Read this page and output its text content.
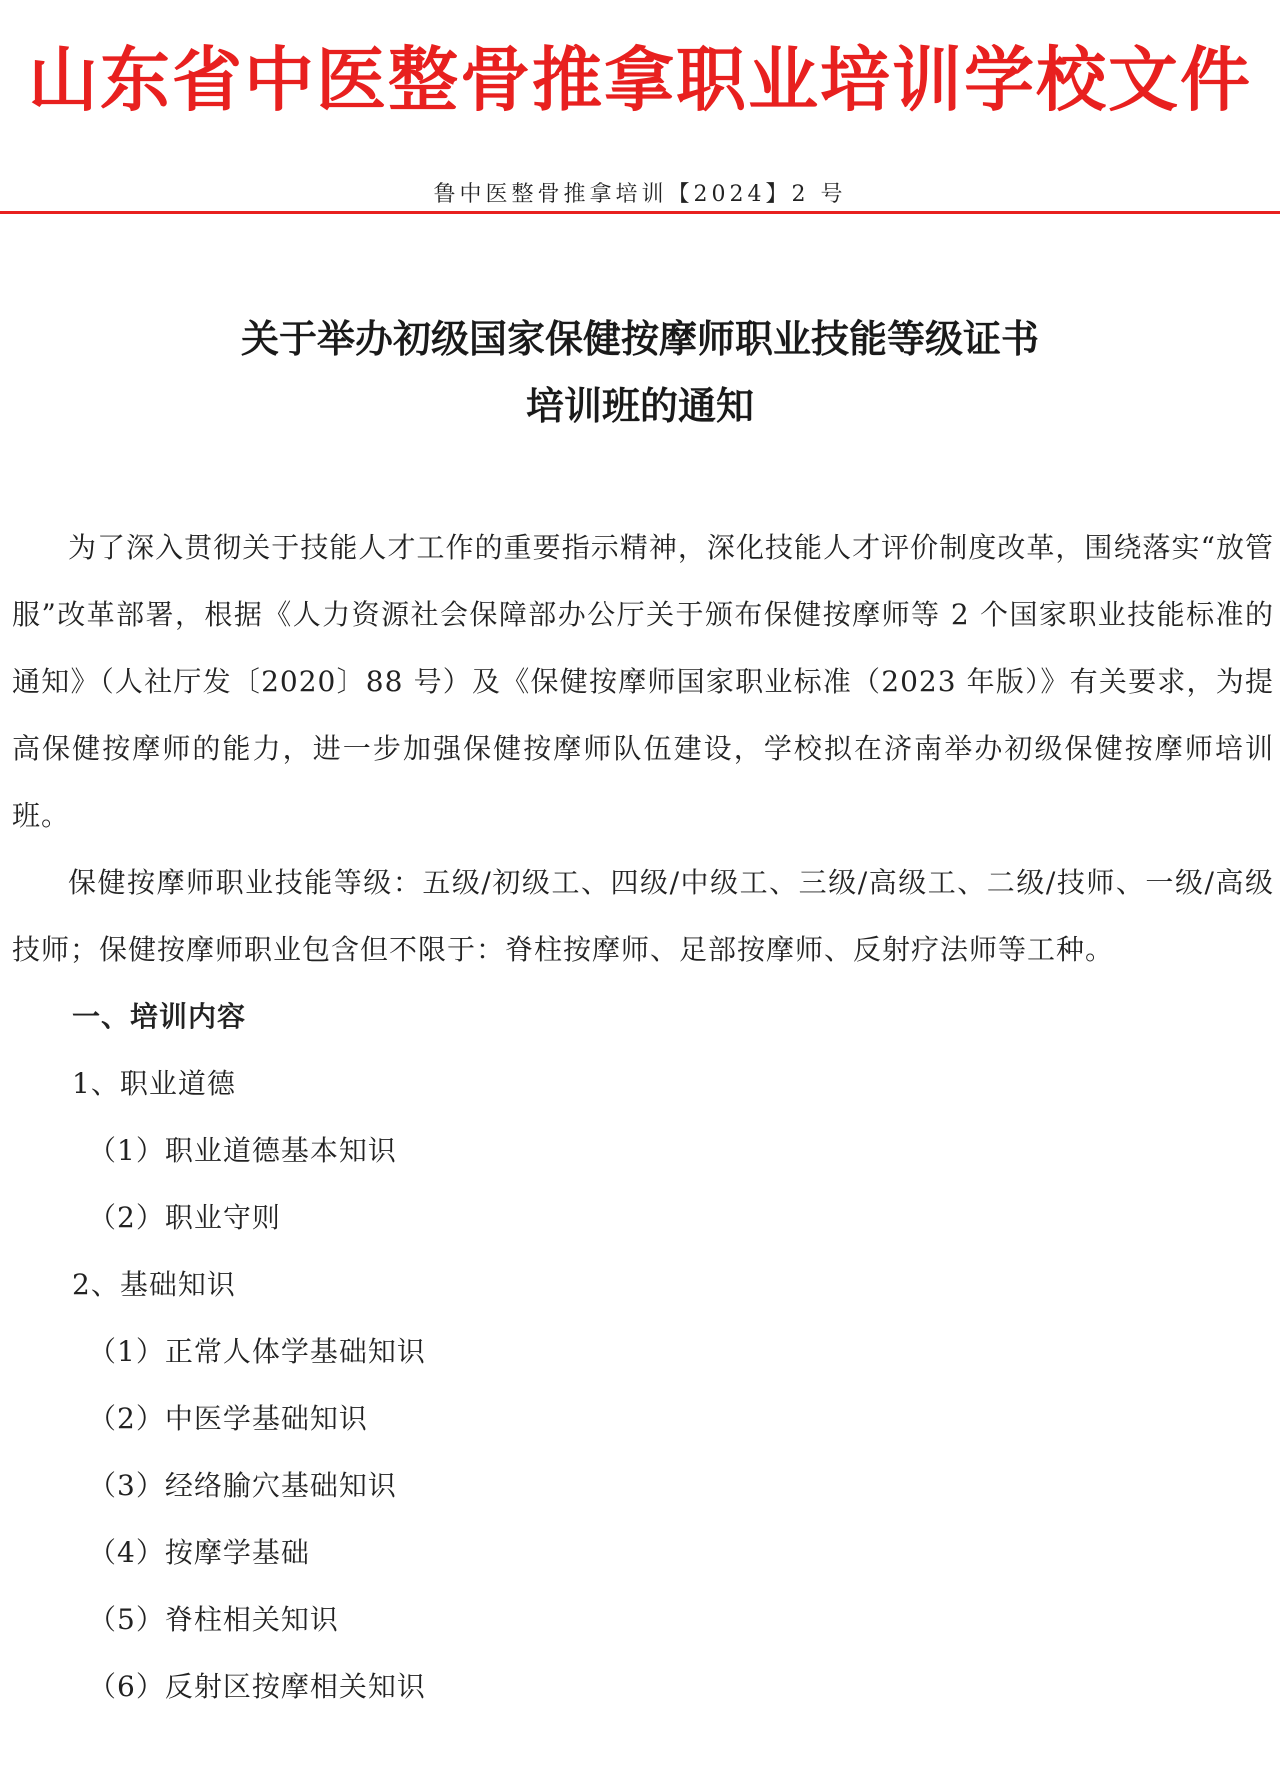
山东省中医整骨推拿职业培训学校文件
鲁中医整骨推拿培训【2024】2 号
关于举办初级国家保健按摩师职业技能等级证书
培训班的通知

为了深入贯彻关于技能人才工作的重要指示精神，深化技能人才评价制度改革，围绕落实“放管服”改革部署，根据《人力资源社会保障部办公厅关于颁布保健按摩师等 2 个国家职业技能标准的通知》（人社厅发〔2020〕88 号）及《保健按摩师国家职业标准（2023 年版）》有关要求，为提高保健按摩师的能力，进一步加强保健按摩师队伍建设，学校拟在济南举办初级保健按摩师培训班。

保健按摩师职业技能等级：五级/初级工、四级/中级工、三级/高级工、二级/技师、一级/高级技师；保健按摩师职业包含但不限于：脊柱按摩师、足部按摩师、反射疗法师等工种。

一、培训内容
1、职业道德
（1）职业道德基本知识
（2）职业守则
2、基础知识
（1）正常人体学基础知识
（2）中医学基础知识
（3）经络腧穴基础知识
（4）按摩学基础
（5）脊柱相关知识
（6）反射区按摩相关知识
